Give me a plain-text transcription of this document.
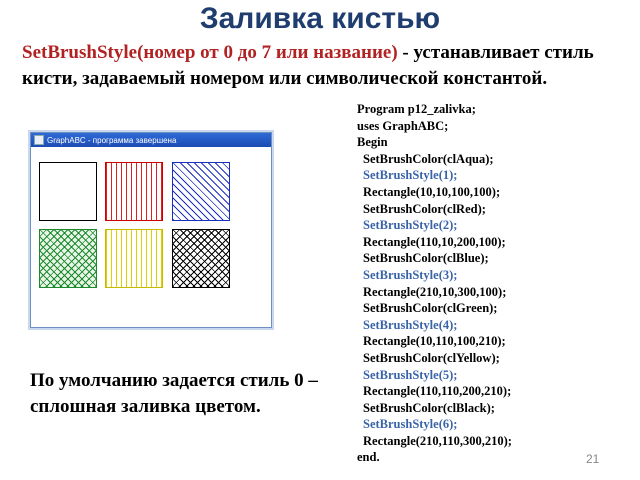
Заливка кистью
SetBrushStyle(номер от 0 до 7 или название) - устанавливает стиль кисти, задаваемый номером или символической константой.
GraphABC - программа завершена
Program p12_zalivka;
uses GraphABC;
Begin
SetBrushColor(clAqua);
SetBrushStyle(1);
Rectangle(10,10,100,100);
SetBrushColor(clRed);
SetBrushStyle(2);
Rectangle(110,10,200,100);
SetBrushColor(clBlue);
SetBrushStyle(3);
Rectangle(210,10,300,100);
SetBrushColor(clGreen);
SetBrushStyle(4);
Rectangle(10,110,100,210);
SetBrushColor(clYellow);
SetBrushStyle(5);
Rectangle(110,110,200,210);
SetBrushColor(clBlack);
SetBrushStyle(6);
Rectangle(210,110,300,210);
end.
По умолчанию задается стиль 0 – сплошная заливка цветом.
21
